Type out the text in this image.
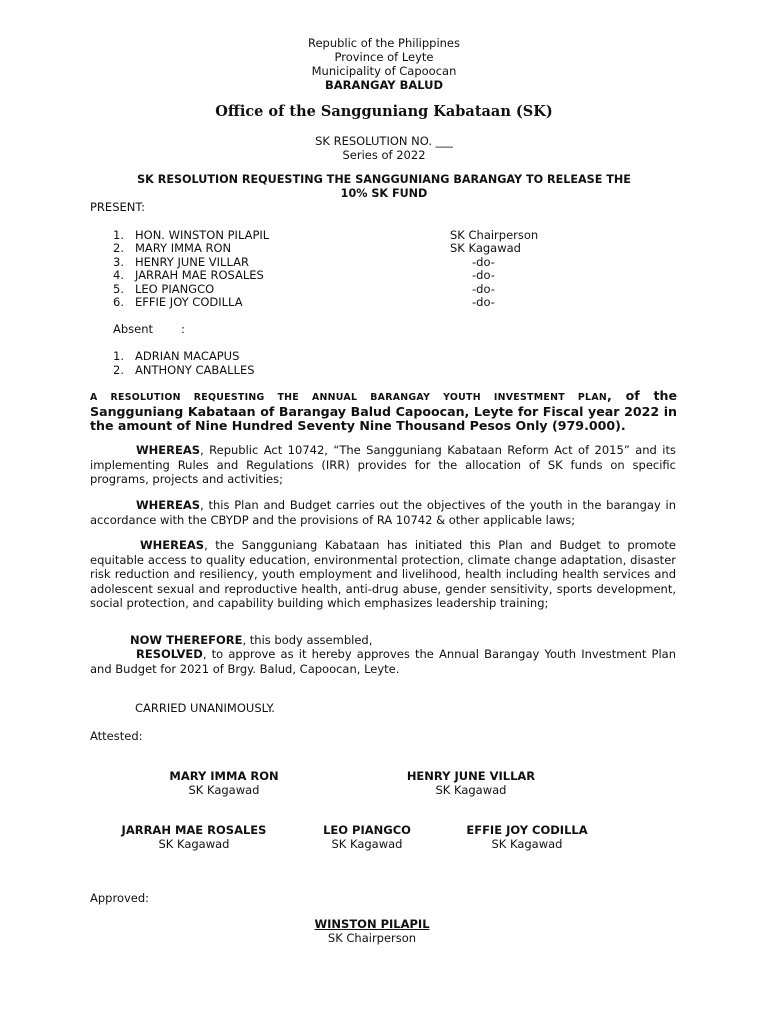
Republic of the Philippines
Province of Leyte
Municipality of Capoocan
BARANGAY BALUD
Office of the Sangguniang Kabataan (SK)
SK RESOLUTION NO. ___
Series of 2022
SK RESOLUTION REQUESTING THE SANGGUNIANG BARANGAY TO RELEASE THE
10% SK FUND
PRESENT:
1. HON. WINSTON PILAPIL	SK Chairperson
2. MARY IMMA RON	SK Kagawad
3. HENRY JUNE VILLAR	-do-
4. JARRAH MAE ROSALES	-do-
5. LEO PIANGCO	-do-
6. EFFIE JOY CODILLA	-do-
Absent :
1. ADRIAN MACAPUS
2. ANTHONY CABALLES
A RESOLUTION REQUESTING THE ANNUAL BARANGAY YOUTH INVESTMENT PLAN, of the Sangguniang Kabataan of Barangay Balud Capoocan, Leyte for Fiscal year 2022 in the amount of Nine Hundred Seventy Nine Thousand Pesos Only (979.000).
WHEREAS, Republic Act 10742, “The Sangguniang Kabataan Reform Act of 2015” and its implementing Rules and Regulations (IRR) provides for the allocation of SK funds on specific programs, projects and activities;
WHEREAS, this Plan and Budget carries out the objectives of the youth in the barangay in accordance with the CBYDP and the provisions of RA 10742 & other applicable laws;
WHEREAS, the Sangguniang Kabataan has initiated this Plan and Budget to promote equitable access to quality education, environmental protection, climate change adaptation, disaster risk reduction and resiliency, youth employment and livelihood, health including health services and adolescent sexual and reproductive health, anti-drug abuse, gender sensitivity, sports development, social protection, and capability building which emphasizes leadership training;
NOW THEREFORE, this body assembled,
RESOLVED, to approve as it hereby approves the Annual Barangay Youth Investment Plan and Budget for 2021 of Brgy. Balud, Capoocan, Leyte.
CARRIED UNANIMOUSLY.
Attested:
MARY IMMA RON
SK Kagawad
HENRY JUNE VILLAR
SK Kagawad
JARRAH MAE ROSALES
SK Kagawad
LEO PIANGCO
SK Kagawad
EFFIE JOY CODILLA
SK Kagawad
Approved:
WINSTON PILAPIL
SK Chairperson
